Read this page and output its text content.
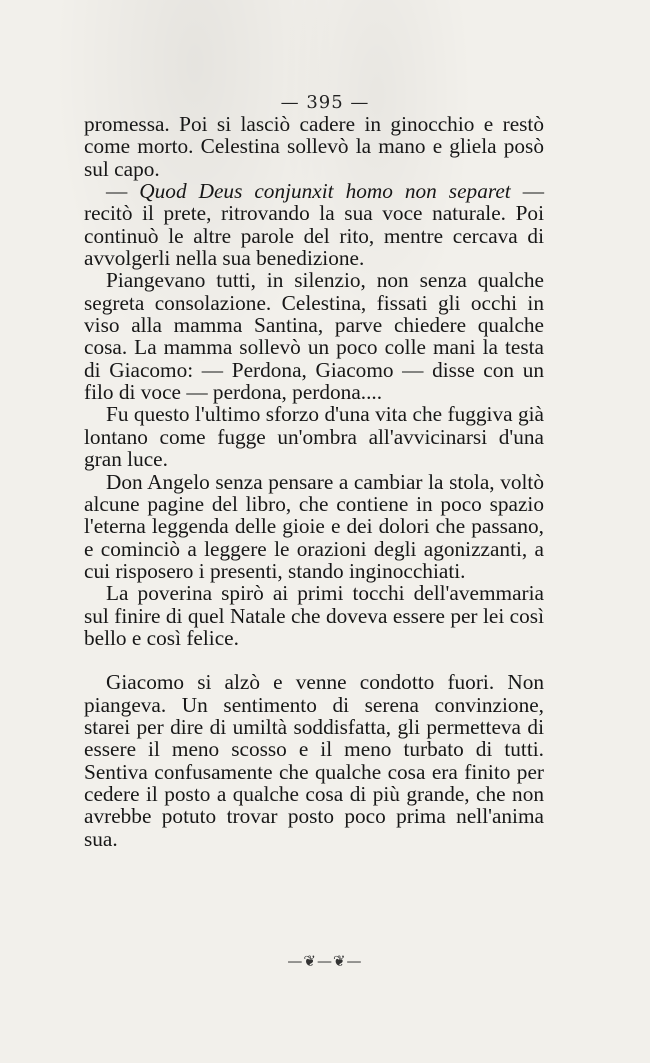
— 395 —

promessa. Poi si lasciò cadere in ginocchio e restò come morto. Celestina sollevò la mano e gliela posò sul capo.

— Quod Deus conjunxit homo non separet — recitò il prete, ritrovando la sua voce naturale. Poi continuò le altre parole del rito, mentre cercava di avvolgerli nella sua benedizione.

Piangevano tutti, in silenzio, non senza qualche segreta consolazione. Celestina, fissati gli occhi in viso alla mamma Santina, parve chiedere qualche cosa. La mamma sollevò un poco colle mani la testa di Giacomo: — Perdona, Giacomo — disse con un filo di voce — perdona, perdona....

Fu questo l'ultimo sforzo d'una vita che fuggiva già lontano come fugge un'ombra all'avvicinarsi d'una gran luce.

Don Angelo senza pensare a cambiar la stola, voltò alcune pagine del libro, che contiene in poco spazio l'eterna leggenda delle gioie e dei dolori che passano, e cominciò a leggere le orazioni degli agonizzanti, a cui risposero i presenti, stando inginocchiati.

La poverina spirò ai primi tocchi dell'avemmaria sul finire di quel Natale che doveva essere per lei così bello e così felice.

Giacomo si alzò e venne condotto fuori. Non piangeva. Un sentimento di serena convinzione, starei per dire di umiltà soddisfatta, gli permetteva di essere il meno scosso e il meno turbato di tutti. Sentiva confusamente che qualche cosa era finito per cedere il posto a qualche cosa di più grande, che non avrebbe potuto trovar posto poco prima nell'anima sua.

—❦—❦—
